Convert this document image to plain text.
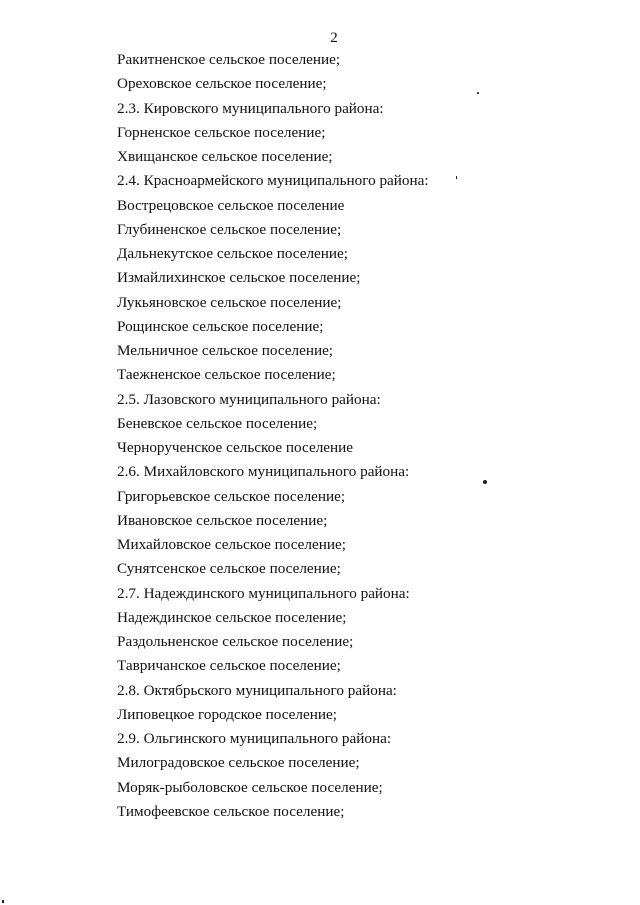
2
Ракитненское сельское поселение;
Ореховское сельское поселение;
2.3. Кировского муниципального района:
Горненское сельское поселение;
Хвищанское сельское поселение;
2.4. Красноармейского муниципального района:
Вострецовское сельское поселение
Глубиненское сельское поселение;
Дальнекутское сельское поселение;
Измайлихинское сельское поселение;
Лукьяновское сельское поселение;
Рощинское сельское поселение;
Мельничное сельское поселение;
Таежненское сельское поселение;
2.5. Лазовского муниципального района:
Беневское сельское поселение;
Чернорученское сельское поселение
2.6. Михайловского муниципального района:
Григорьевское сельское поселение;
Ивановское сельское поселение;
Михайловское сельское поселение;
Сунятсенское сельское поселение;
2.7. Надеждинского муниципального района:
Надеждинское сельское поселение;
Раздольненское сельское поселение;
Тавричанское сельское поселение;
2.8. Октябрьского муниципального района:
Липовецкое городское поселение;
2.9. Ольгинского муниципального района:
Милоградовское сельское поселение;
Моряк-рыболовское сельское поселение;
Тимофеевское сельское поселение;
